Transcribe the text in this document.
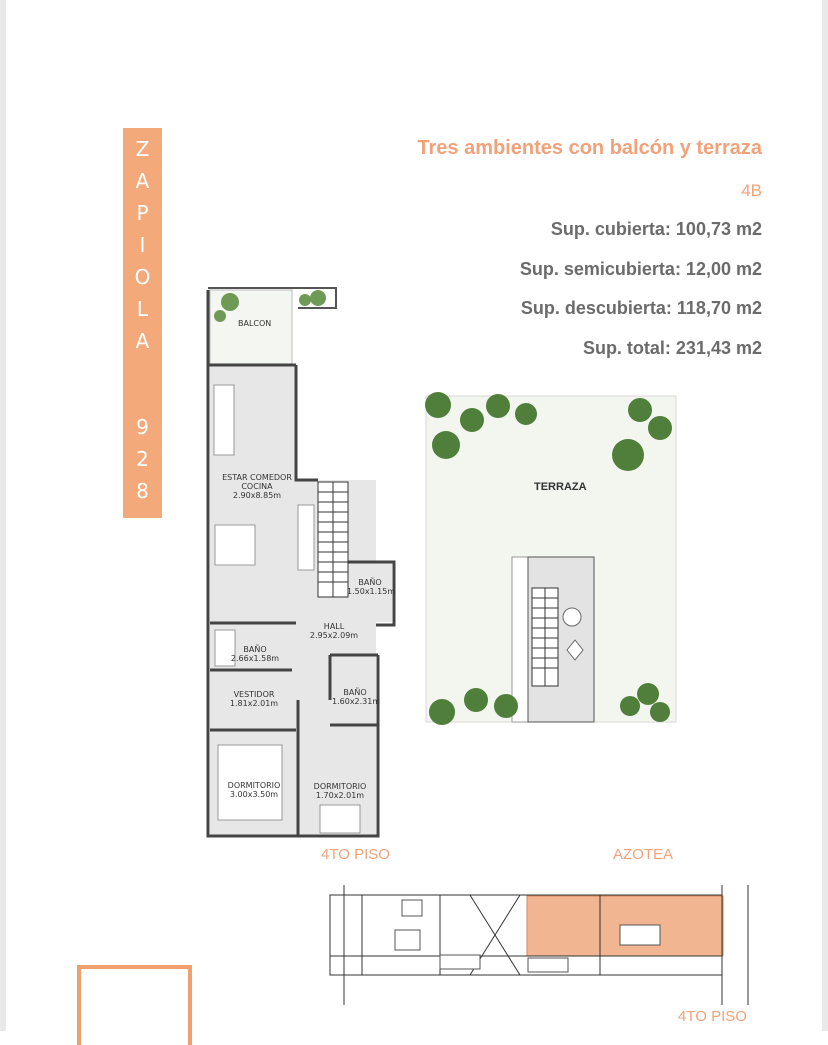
Z
A
P
I
O
L
A
9
2
8
Tres ambientes con balcón y terraza
4B
Sup. cubierta: 100,73 m2
Sup. semicubierta: 12,00 m2
Sup. descubierta: 118,70 m2
Sup. total: 231,43 m2
BALCON
ESTAR COMEDOR
COCINA
2.90x8.85m
BAÑO
1.50x1.15m
HALL
2.95x2.09m
BAÑO
2.66x1.58m
VESTIDOR
1.81x2.01m
BAÑO
1.60x2.31m
DORMITORIO
3.00x3.50m
DORMITORIO
1.70x2.01m
4TO PISO
TERRAZA
AZOTEA
4TO PISO
